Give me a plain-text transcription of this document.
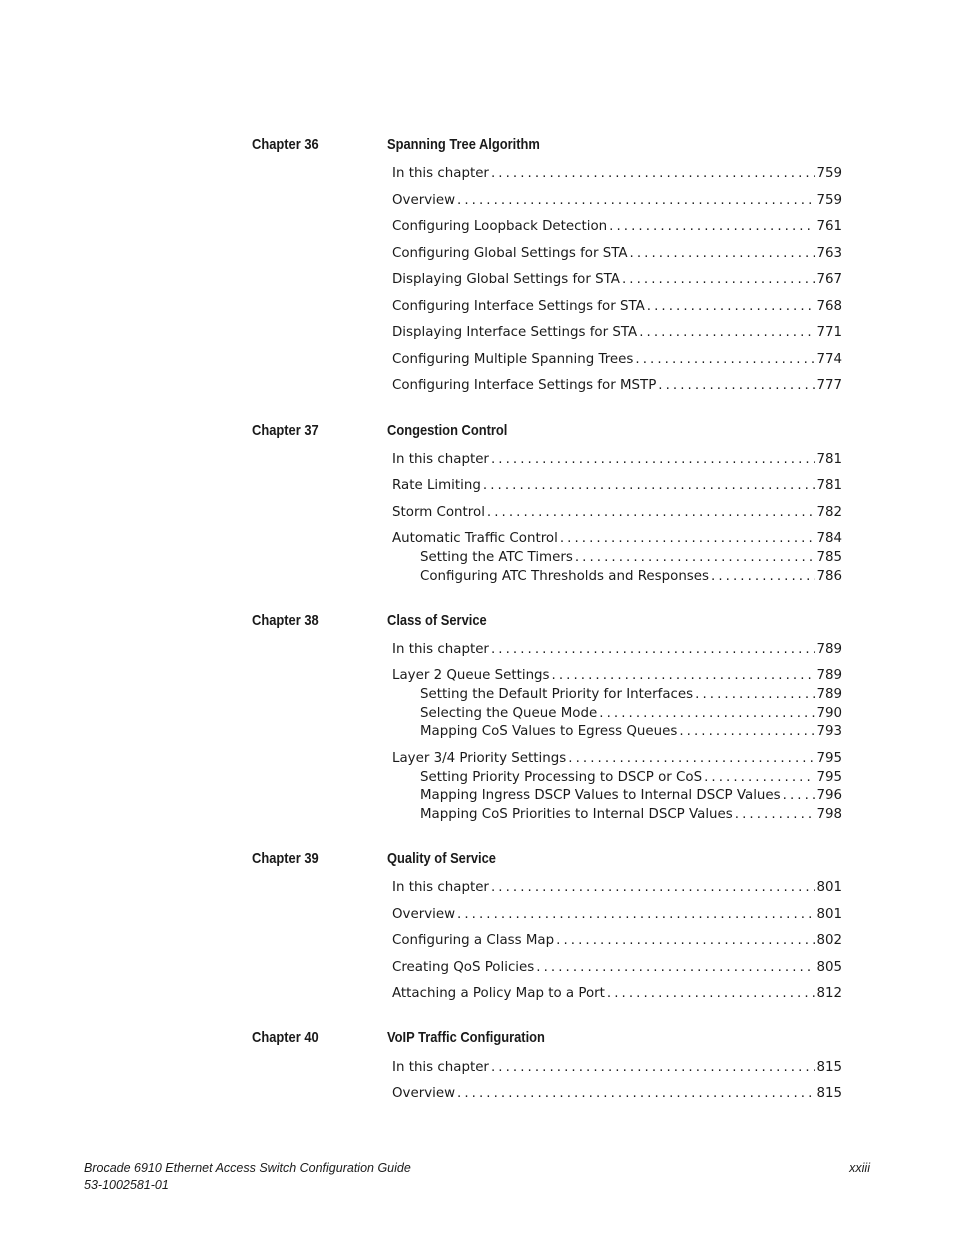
Chapter 36	Spanning Tree Algorithm
In this chapter . . .	759
Overview . . .	759
Configuring Loopback Detection . . .	761
Configuring Global Settings for STA . . .	763
Displaying Global Settings for STA . . .	767
Configuring Interface Settings for STA . . .	768
Displaying Interface Settings for STA . . .	771
Configuring Multiple Spanning Trees . . .	774
Configuring Interface Settings for MSTP . . .	777
Chapter 37	Congestion Control
In this chapter . . .	781
Rate Limiting . . .	781
Storm Control . . .	782
Automatic Traffic Control . . .	784
Setting the ATC Timers . . .	785
Configuring ATC Thresholds and Responses . . .	786
Chapter 38	Class of Service
In this chapter . . .	789
Layer 2 Queue Settings . . .	789
Setting the Default Priority for Interfaces . . .	789
Selecting the Queue Mode . . .	790
Mapping CoS Values to Egress Queues . . .	793
Layer 3/4 Priority Settings . . .	795
Setting Priority Processing to DSCP or CoS . . .	795
Mapping Ingress DSCP Values to Internal DSCP Values . . .	796
Mapping CoS Priorities to Internal DSCP Values . . .	798
Chapter 39	Quality of Service
In this chapter . . .	801
Overview . . .	801
Configuring a Class Map . . .	802
Creating QoS Policies . . .	805
Attaching a Policy Map to a Port . . .	812
Chapter 40	VoIP Traffic Configuration
In this chapter . . .	815
Overview . . .	815
Brocade 6910 Ethernet Access Switch Configuration Guide
53-1002581-01
xxiii
